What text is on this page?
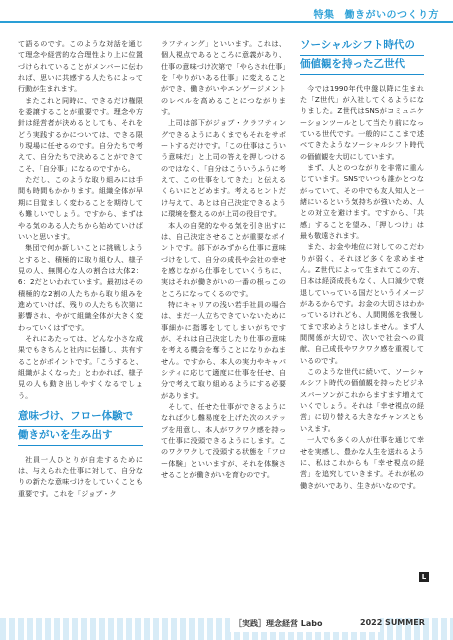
特集 働きがいのつくり方

て語るのです。このような対話を通じて理念や経営的な合理性より上に位置づけられていることがメンバーに伝われば、思いに共感する人たちによって行動が生まれます。

またこれと同時に、できるだけ権限を委譲することが重要です。理念や方針は経営者が決めるとしても、それをどう実践するかについては、できる限り現場に任せるのです。自分たちで考えて、自分たちで決めることができてこそ、「自分事」になるのですから。

ただし、このような取り組みには手間も時間もかかります。組織全体が早期に目覚ましく変わることを期待しても難しいでしょう。ですから、まずはやる気のある人たちから始めていけばいいと思います。

集団で何か新しいことに挑戦しようとすると、積極的に取り組む人、様子見の人、無関心な人の割合は大体2：6：2だといわれています。最初はその積極的な2割の人たちから取り組みを進めていけば、残りの人たちも次第に影響され、やがて組織全体が大きく変わっていくはずです。

それにあたっては、どんな小さな成果でもきちんと社内に伝播し、共有することがポイントです。「こうすると、組織がよくなった」とわかれば、様子見の人も動き出しやすくなるでしょう。

意味づけ、フロー体験で
働きがいを生み出す

社員一人ひとりが自走するためには、与えられた仕事に対して、自分なりの新たな意味づけをしていくことも重要です。これを「ジョブ・ク

ラフティング」といいます。これは、個人視点であるところに意義があり、仕事の意味づけ次第で「やらされ仕事」を「やりがいある仕事」に変えることができ、働きがいやエンゲージメントのレベルを高めることにつながります。

上司は部下がジョブ・クラフティングできるようにあくまでもそれをサポートするだけです。「この仕事はこういう意味だ」と上司の答えを押しつけるのではなく、「自分はこういうふうに考えて、この仕事をしてきた」と伝えるくらいにとどめます。考えるヒントだけ与えて、あとは自己決定できるように環境を整えるのが上司の役目です。

本人の自発的なやる気を引き出すには、自己決定させることが重要なポイントです。部下がみずから仕事に意味づけをして、自分の成長や会社の幸せを感じながら仕事をしていくうちに、実はそれが働きがいの一番の根っこのところになってくるのです。

特にキャリアの浅い若手社員の場合は、まだ一人立ちできていないために事細かに指導をしてしまいがちですが、それは自己決定したり仕事の意味を考える機会を奪うことになりかねません。ですから、本人の実力やキャパシティに応じて適度に仕事を任せ、自分で考えて取り組めるようにする必要があります。

そして、任せた仕事ができるようになれば少し難易度を上げた次のステップを用意し、本人がワクワク感を持って仕事に没頭できるようにします。このワクワクして没頭する状態を「フロー体験」といいますが、それを体験させることが働きがいを育むのです。

ソーシャルシフト時代の
価値観を持った乙世代

今では1990年代中盤以降に生まれた「Z世代」が入社してくるようになりました。Z世代はSNSがコミュニケーションツールとして当たり前になっている世代です。一般的にここまで述べてきたようなソーシャルシフト時代の価値観を大切にしています。

まず、人とのつながりを非常に重んじています。SNSでいつも誰かとつながっていて、その中でも友人知人と一緒にいるという気持ちが強いため、人との対立を避けます。ですから、「共感」することを望み、「押しつけ」は最も敬遠されます。

また、お金や地位に対してのこだわりが弱く、それほど多くを求めません。Z世代によって生まれてこの方、日本は経済成長もなく、人口減少で衰退していっている国だというイメージがあるからです。お金の大切さはわかっているけれども、人間関係を我慢してまで求めようとはしません。まず人間関係が大切で、次いで社会への貢献、自己成長やワクワク感を重視しているのです。

このような世代に続いて、ソーシャルシフト時代の価値観を持ったビジネスパーソンがこれからますます増えていくでしょう。それは「幸せ視点の経営」に切り替える大きなチャンスともいえます。

一人でも多くの人が仕事を通じて幸せを実感し、豊かな人生を送れるように、私はこれからも「幸せ視点の経営」を追究していきます。それが私の働きがいであり、生きがいなのです。

L
［実践］理念経営 Labo	2022 SUMMER
